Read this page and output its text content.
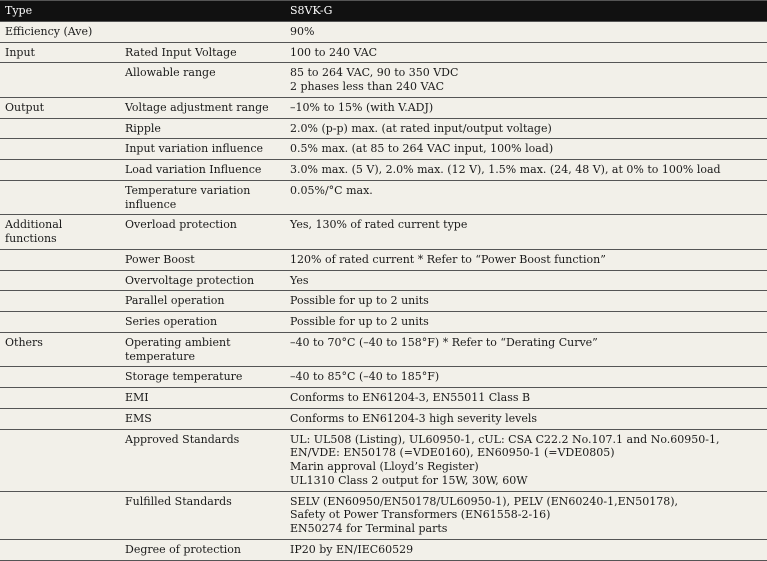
Type		S8VK-G
Efficiency (Ave)		90%

Input	Rated Input Voltage	100 to 240 VAC

	Allowable range	85 to 264 VAC, 90 to 350 VDC
2 phases less than 240 VAC

Output	Voltage adjustment range	–10% to 15% (with V.ADJ)

	Ripple	2.0% (p-p) max. (at rated input/output voltage)

	Input variation influence	0.5% max. (at 85 to 264 VAC input, 100% load)

	Load variation Influence	3.0% max. (5 V), 2.0% max. (12 V), 1.5% max. (24, 48 V), at 0% to 100% load

	Temperature variation influence	0.05%/°C max.

Additional functions	Overload protection	Yes, 130% of rated current type

	Power Boost	120% of rated current * Refer to “Power Boost function”

	Overvoltage protection	Yes

	Parallel operation	Possible for up to 2 units

	Series operation	Possible for up to 2 units

Others	Operating ambient temperature	–40 to 70°C (–40 to 158°F) * Refer to “Derating Curve”

	Storage temperature	–40 to 85°C (–40 to 185°F)

	EMI	Conforms to EN61204-3, EN55011 Class B

	EMS	Conforms to EN61204-3 high severity levels

	Approved Standards	UL: UL508 (Listing), UL60950-1, cUL: CSA C22.2 No.107.1 and No.60950-1,
EN/VDE: EN50178 (=VDE0160), EN60950-1 (=VDE0805)
Marin approval (Lloyd’s Register)
UL1310 Class 2 output for 15W, 30W, 60W

	Fulfilled Standards	SELV (EN60950/EN50178/UL60950-1), PELV (EN60240-1,EN50178),
Safety ot Power Transformers (EN61558-2-16)
EN50274 for Terminal parts

	Degree of protection	IP20 by EN/IEC60529
